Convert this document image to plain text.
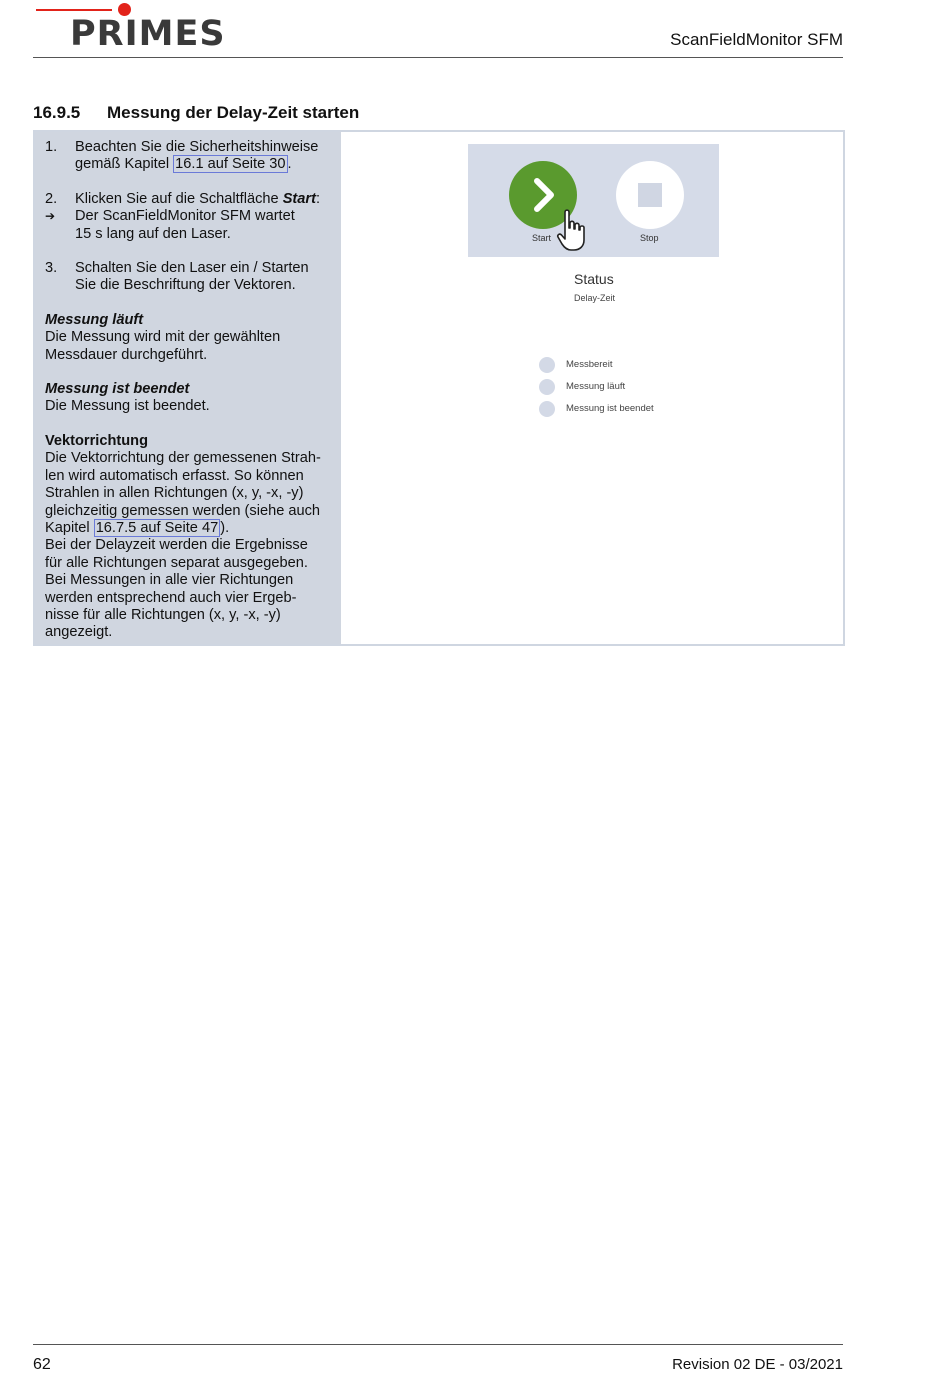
PRIMES	ScanFieldMonitor SFM
16.9.5 Messung der Delay-Zeit starten
1.	Beachten Sie die Sicherheitshinweise
gemäß Kapitel 16.1 auf Seite 30 .
2.	Klicken Sie auf die Schaltfläche Start:
➔	Der ScanFieldMonitor SFM wartet
15 s lang auf den Laser.
3.	Schalten Sie den Laser ein / Starten
Sie die Beschriftung der Vektoren.
Messung läuft
Die Messung wird mit der gewählten
Messdauer durchgeführt.
Messung ist beendet
Die Messung ist beendet.
Vektorrichtung
Die Vektorrichtung der gemessenen Strah-
len wird automatisch erfasst. So können
Strahlen in allen Richtungen (x, y, -x, -y)
gleichzeitig gemessen werden (siehe auch
Kapitel 16.7.5 auf Seite 47 ).
Bei der Delayzeit werden die Ergebnisse
für alle Richtungen separat ausgegeben.
Bei Messungen in alle vier Richtungen
werden entsprechend auch vier Ergeb-
nisse für alle Richtungen (x, y, -x, -y)
angezeigt.
Start	Stop
Status
Delay-Zeit
Messbereit
Messung läuft
Messung ist beendet
62	Revision 02 DE - 03/2021
